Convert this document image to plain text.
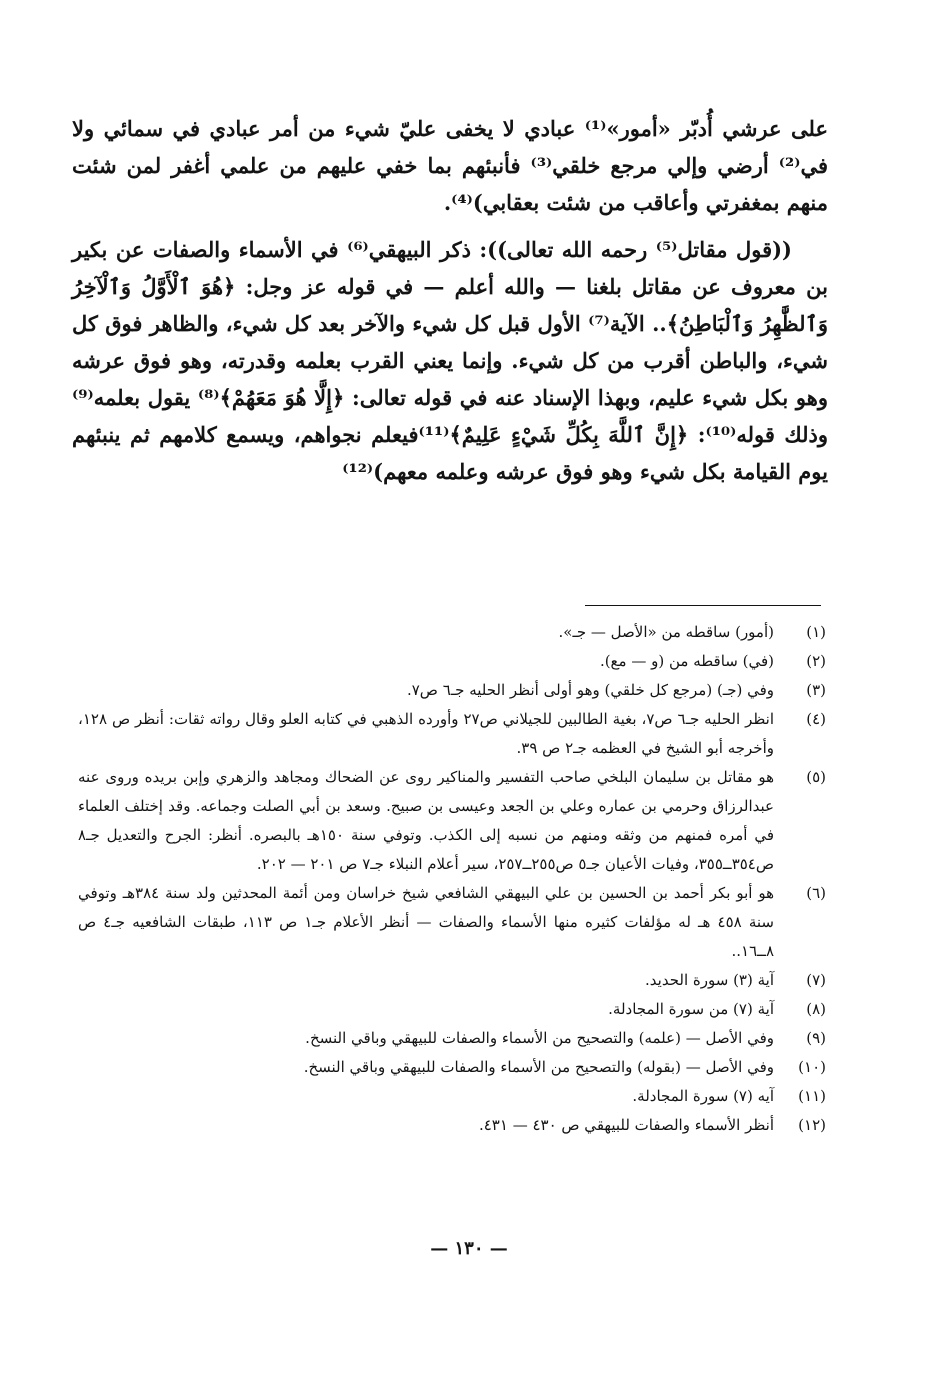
على عرشي أُدبّر «أمور»⁽¹⁾ عبادي لا يخفى عليّ شيء من أمر عبادي في سمائي ولا في⁽²⁾ أرضي وإلي مرجع خلقي⁽³⁾ فأنبئهم بما خفي عليهم من علمي أغفر لمن شئت منهم بمغفرتي وأعاقب من شئت بعقابي)⁽⁴⁾.

((قول مقاتل⁽⁵⁾ رحمه الله تعالى)): ذكر البيهقي⁽⁶⁾ في الأسماء والصفات عن بكير بن معروف عن مقاتل بلغنا — والله أعلم — في قوله عز وجل: ﴿هُوَ ٱلْأَوَّلُ وَٱلْآخِرُ وَٱلظَّٰهِرُ وَٱلْبَاطِنُ﴾.. الآية⁽⁷⁾ الأول قبل كل شيء والآخر بعد كل شيء، والظاهر فوق كل شيء، والباطن أقرب من كل شيء. وإنما يعني القرب بعلمه وقدرته، وهو فوق عرشه وهو بكل شيء عليم، وبهذا الإسناد عنه في قوله تعالى: ﴿إِلَّا هُوَ مَعَهُمْ﴾⁽⁸⁾ يقول بعلمه⁽⁹⁾ وذلك قوله⁽¹⁰⁾: ﴿إِنَّ ٱللَّهَ بِكُلِّ شَيْءٍ عَلِيمٌ﴾⁽¹¹⁾فيعلم نجواهم، ويسمع كلامهم ثم ينبئهم يوم القيامة بكل شيء وهو فوق عرشه وعلمه معهم)⁽¹²⁾

(١)
(أمور) ساقطه من «الأصل — جـ».
(٢)
(في) ساقطه من (و — مع).
(٣)
وفي (جـ) (مرجع كل خلقي) وهو أولى أنظر الحليه جـ٦ ص٧.
(٤)
انظر الحليه جـ٦ ص٧، بغية الطالبين للجيلاني ص٢٧ وأورده الذهبي في كتابه العلو وقال رواته ثقات: أنظر ص ١٢٨، وأخرجه أبو الشيخ في العظمه جـ٢ ص ٣٩.
(٥)
هو مقاتل بن سليمان البلخي صاحب التفسير والمناكير روى عن الضحاك ومجاهد والزهري وإبن بريده وروى عنه عبدالرزاق وحرمي بن عماره وعلي بن الجعد وعيسى بن صبيح. وسعد بن أبي الصلت وجماعه. وقد إختلف العلماء في أمره فمنهم من وثقه ومنهم من نسبه إلى الكذب. وتوفي سنة ١٥٠هـ بالبصره. أنظر: الجرح والتعديل جـ٨ ص٣٥٤ــ٣٥٥، وفيات الأعيان جـ٥ ص٢٥٥ــ٢٥٧، سير أعلام النبلاء جـ٧ ص ٢٠١ — ٢٠٢.
(٦)
هو أبو بكر أحمد بن الحسين بن علي البيهقي الشافعي شيخ خراسان ومن أئمة المحدثين ولد سنة ٣٨٤هـ وتوفي سنة ٤٥٨ هـ له مؤلفات كثيره منها الأسماء والصفات — أنظر الأعلام جـ١ ص ١١٣، طبقات الشافعيه جـ٤ ص ٨ــ١٦..
(٧)
آية (٣) سورة الحديد.
(٨)
آية (٧) من سورة المجادلة.
(٩)
وفي الأصل — (علمه) والتصحيح من الأسماء والصفات للبيهقي وباقي النسخ.
(١٠)
وفي الأصل — (بقوله) والتصحيح من الأسماء والصفات للبيهقي وباقي النسخ.
(١١)
آيه (٧) سورة المجادلة.
(١٢)
أنظر الأسماء والصفات للبيهقي ص ٤٣٠ — ٤٣١.
— ١٣٠ —
